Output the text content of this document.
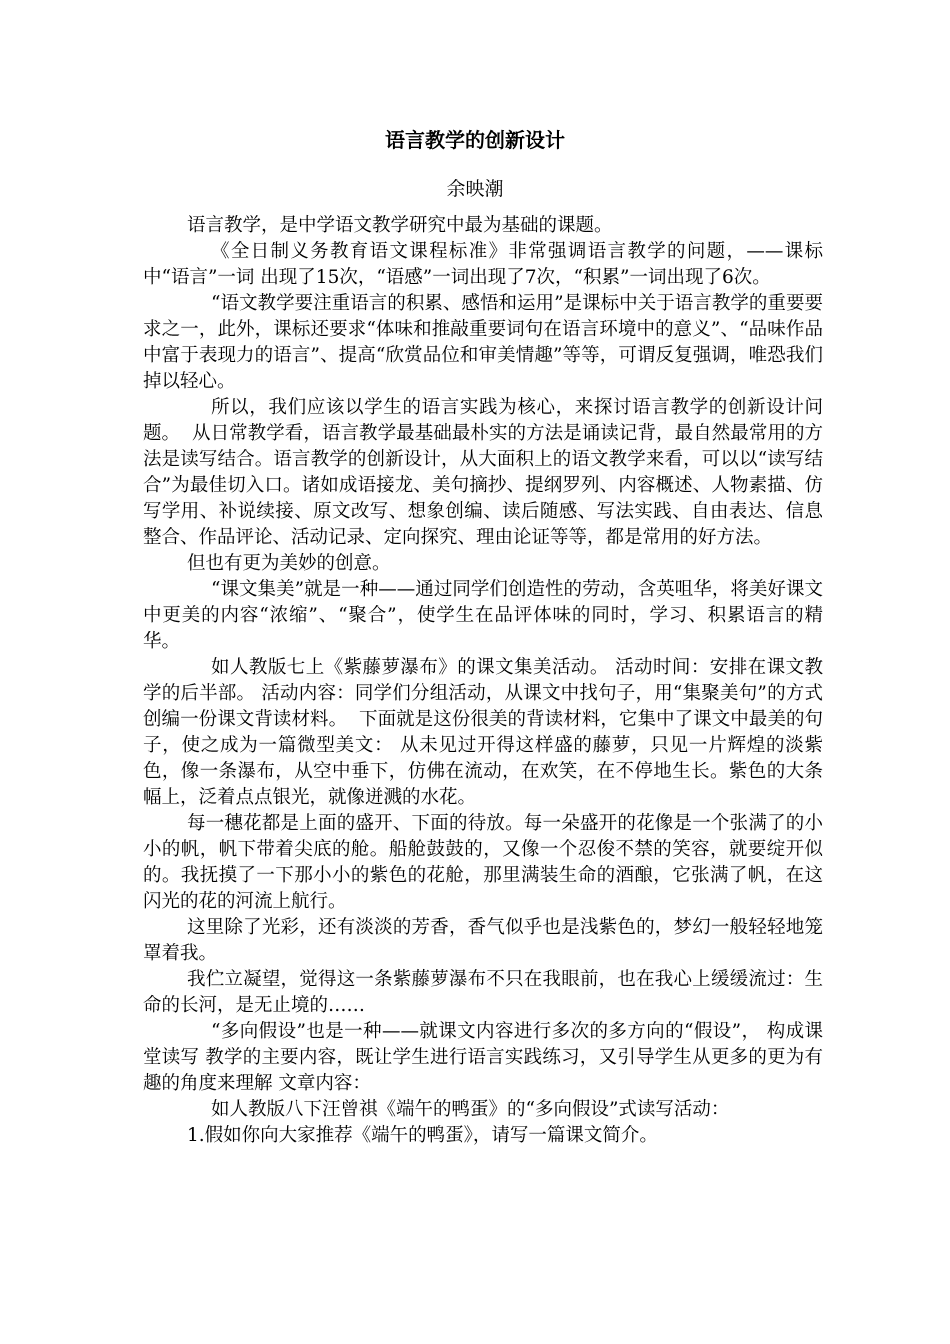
语言教学的创新设计
余映潮

语言教学，是中学语文教学研究中最为基础的课题。

《全日制义务教育语文课程标准》非常强调语言教学的问题，——课标中“语言”一词 出现了15次，“语感”一词出现了7次，“积累”一词出现了6次。

“语文教学要注重语言的积累、感悟和运用”是课标中关于语言教学的重要要求之一，此外，课标还要求“体味和推敲重要词句在语言环境中的意义”、“品味作品中富于表现力的语言”、提高“欣赏品位和审美情趣”等等，可谓反复强调，唯恐我们掉以轻心。

所以，我们应该以学生的语言实践为核心，来探讨语言教学的创新设计问题。  从日常教学看，语言教学最基础最朴实的方法是诵读记背，最自然最常用的方法是读写结合。语言教学的创新设计，从大面积上的语文教学来看，可以以“读写结合”为最佳切入口。诸如成语接龙、美句摘抄、提纲罗列、内容概述、人物素描、仿写学用、补说续接、原文改写、想象创编、读后随感、写法实践、自由表达、信息整合、作品评论、活动记录、定向探究、理由论证等等，都是常用的好方法。

但也有更为美妙的创意。

“课文集美”就是一种——通过同学们创造性的劳动，含英咀华，将美好课文中更美的内容“浓缩”、“聚合”，使学生在品评体味的同时，学习、积累语言的精华。

如人教版七上《紫藤萝瀑布》的课文集美活动。 活动时间：安排在课文教学的后半部。 活动内容：同学们分组活动，从课文中找句子，用“集聚美句”的方式创编一份课文背读材料。  下面就是这份很美的背读材料，它集中了课文中最美的句子，使之成为一篇微型美文： 从未见过开得这样盛的藤萝，只见一片辉煌的淡紫色，像一条瀑布，从空中垂下，仿佛在流动，在欢笑，在不停地生长。紫色的大条幅上，泛着点点银光，就像迸溅的水花。

每一穗花都是上面的盛开、下面的待放。每一朵盛开的花像是一个张满了的小小的帆，帆下带着尖底的舱。船舱鼓鼓的，又像一个忍俊不禁的笑容，就要绽开似的。我抚摸了一下那小小的紫色的花舱，那里满装生命的酒酿，它张满了帆，在这闪光的花的河流上航行。

这里除了光彩，还有淡淡的芳香，香气似乎也是浅紫色的，梦幻一般轻轻地笼罩着我。

我伫立凝望，觉得这一条紫藤萝瀑布不只在我眼前，也在我心上缓缓流过：生命的长河，是无止境的……

“多向假设”也是一种——就课文内容进行多次的多方向的“假设”， 构成课堂读写 教学的主要内容，既让学生进行语言实践练习，又引导学生从更多的更为有趣的角度来理解 文章内容：

如人教版八下汪曾祺《端午的鸭蛋》的“多向假设”式读写活动：

1.假如你向大家推荐《端午的鸭蛋》，请写一篇课文简介。
